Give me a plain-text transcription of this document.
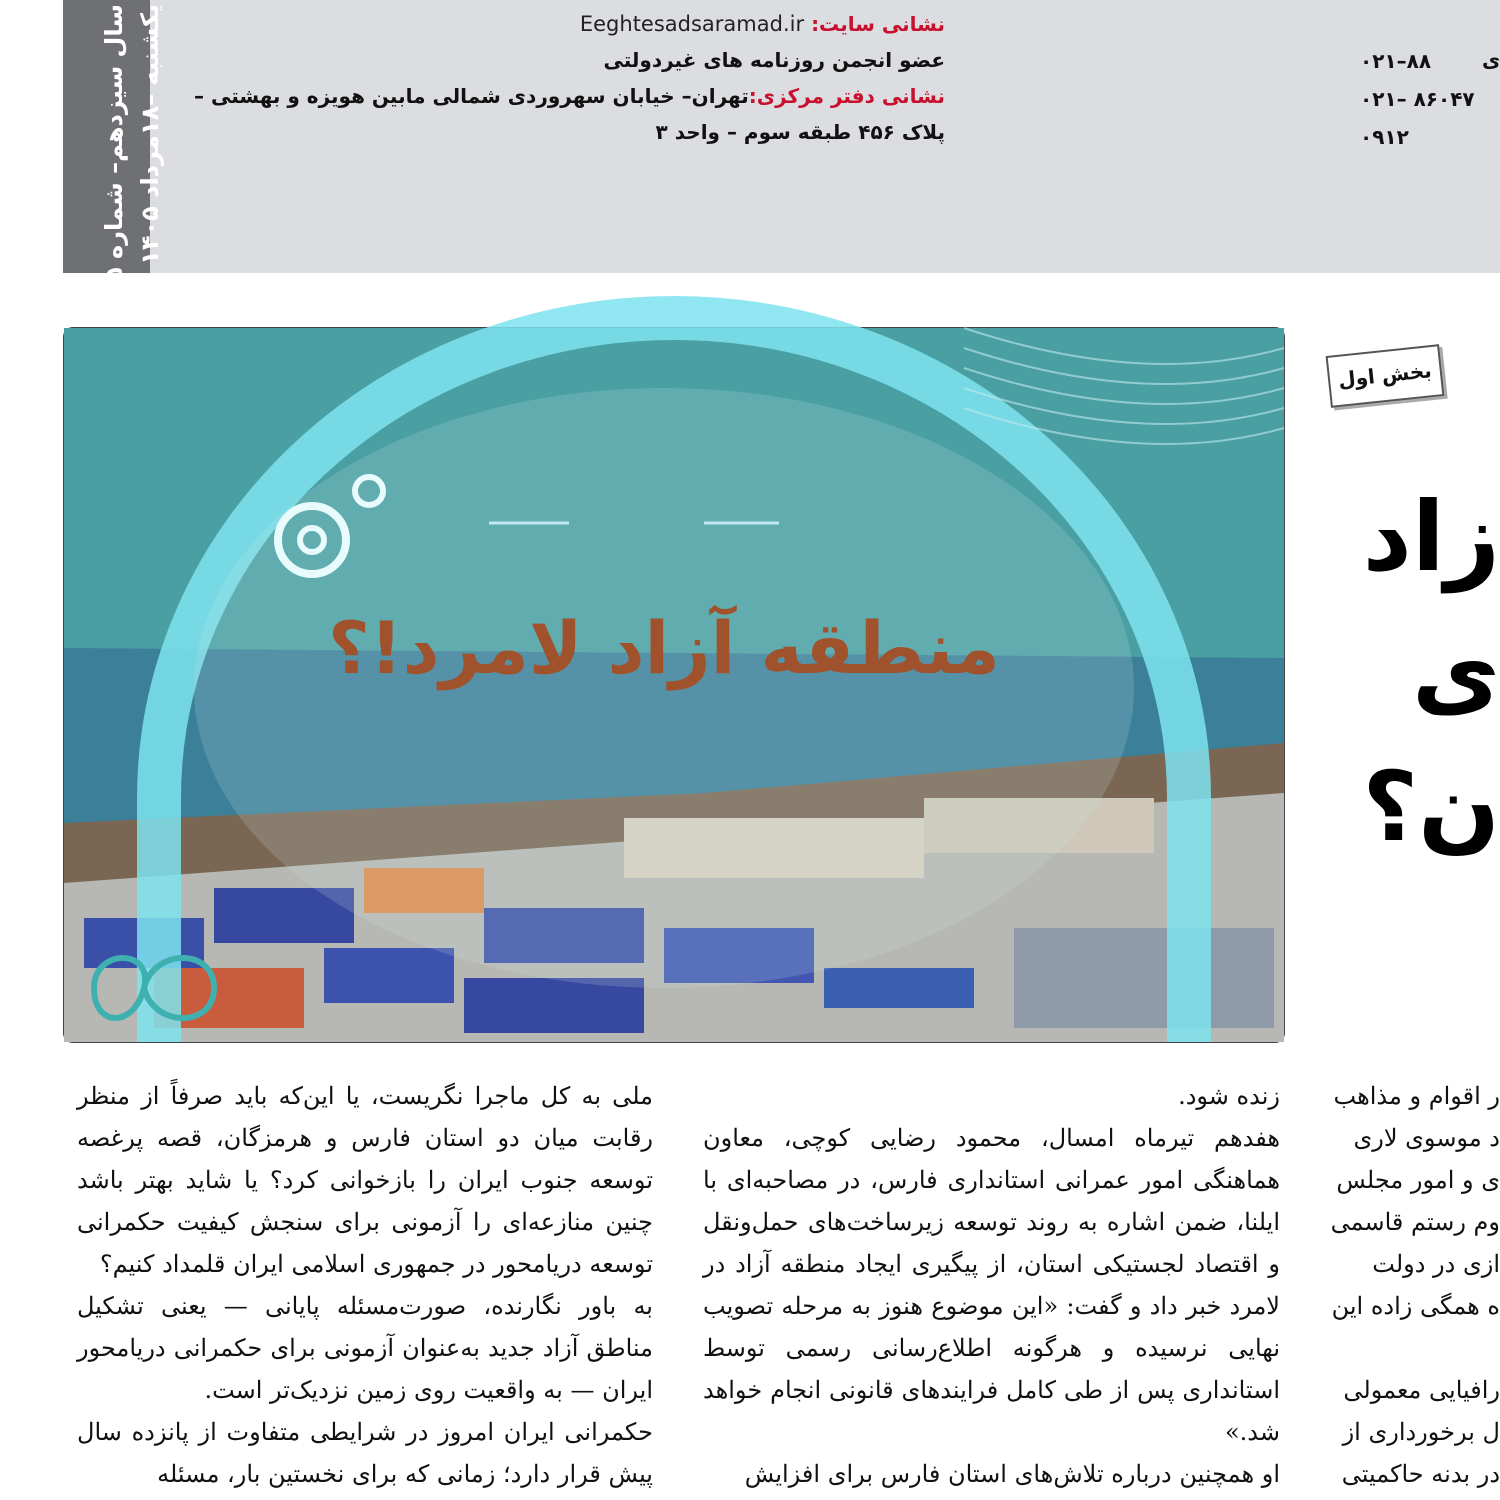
یکشنبه –۱۸مرداد ۱۴۰۵
سال سیزدهم– شماره ۲۵۵۵	نشانی سایت: Eeghtesadsaramad.ir
عضو انجمن روزنامه های غیردولتی
نشانی دفتر مرکزی:تهران– خیابان سهروردی شمالی مابین هویزه و بهشتی –
پلاک ۴۵۶ طبقه سوم – واحد ۳
ی
۰۲۱–۸۸
۰۲۱– ۸۶۰۴۷
۰۹۱۲
منطقه آزاد لامرد!؟
بخش اول
زاد
ی
ن؟

ر اقوام و مذاهب

د موسوی لاری

ی و امور مجلس

وم رستم قاسمی

ازی در دولت

ه همگی زاده این

رافیایی معمولی

ل برخورداری از

در بدنه حاکمیتی

زنده شود.

هفدهم تیرماه امسال، محمود رضایی کوچی، معاون هماهنگی امور عمرانی استانداری فارس، در مصاحبه‌ای با ایلنا، ضمن اشاره به روند توسعه زیرساخت‌های حمل‌ونقل و اقتصاد لجستیکی استان، از پیگیری ایجاد منطقه آزاد در لامرد خبر داد و گفت: «این موضوع هنوز به مرحله تصویب نهایی نرسیده و هرگونه اطلاع‌رسانی رسمی توسط استانداری پس از طی کامل فرایندهای قانونی انجام خواهد شد.»

او همچنین درباره تلاش‌های استان فارس برای افزایش

ملی به کل ماجرا نگریست، یا این‌که باید صرفاً از منظر رقابت میان دو استان فارس و هرمزگان، قصه پرغصه توسعه جنوب ایران را بازخوانی کرد؟ یا شاید بهتر باشد چنین منازعه‌ای را آزمونی برای سنجش کیفیت حکمرانی توسعه دریامحور در جمهوری اسلامی ایران قلمداد کنیم؟

به باور نگارنده، صورت‌مسئله پایانی — یعنی تشکیل مناطق آزاد جدید به‌عنوان آزمونی برای حکمرانی دریامحور ایران — به واقعیت روی زمین نزدیک‌تر است.

حکمرانی ایران امروز در شرایطی متفاوت از پانزده سال پیش قرار دارد؛ زمانی که برای نخستین بار، مسئله
